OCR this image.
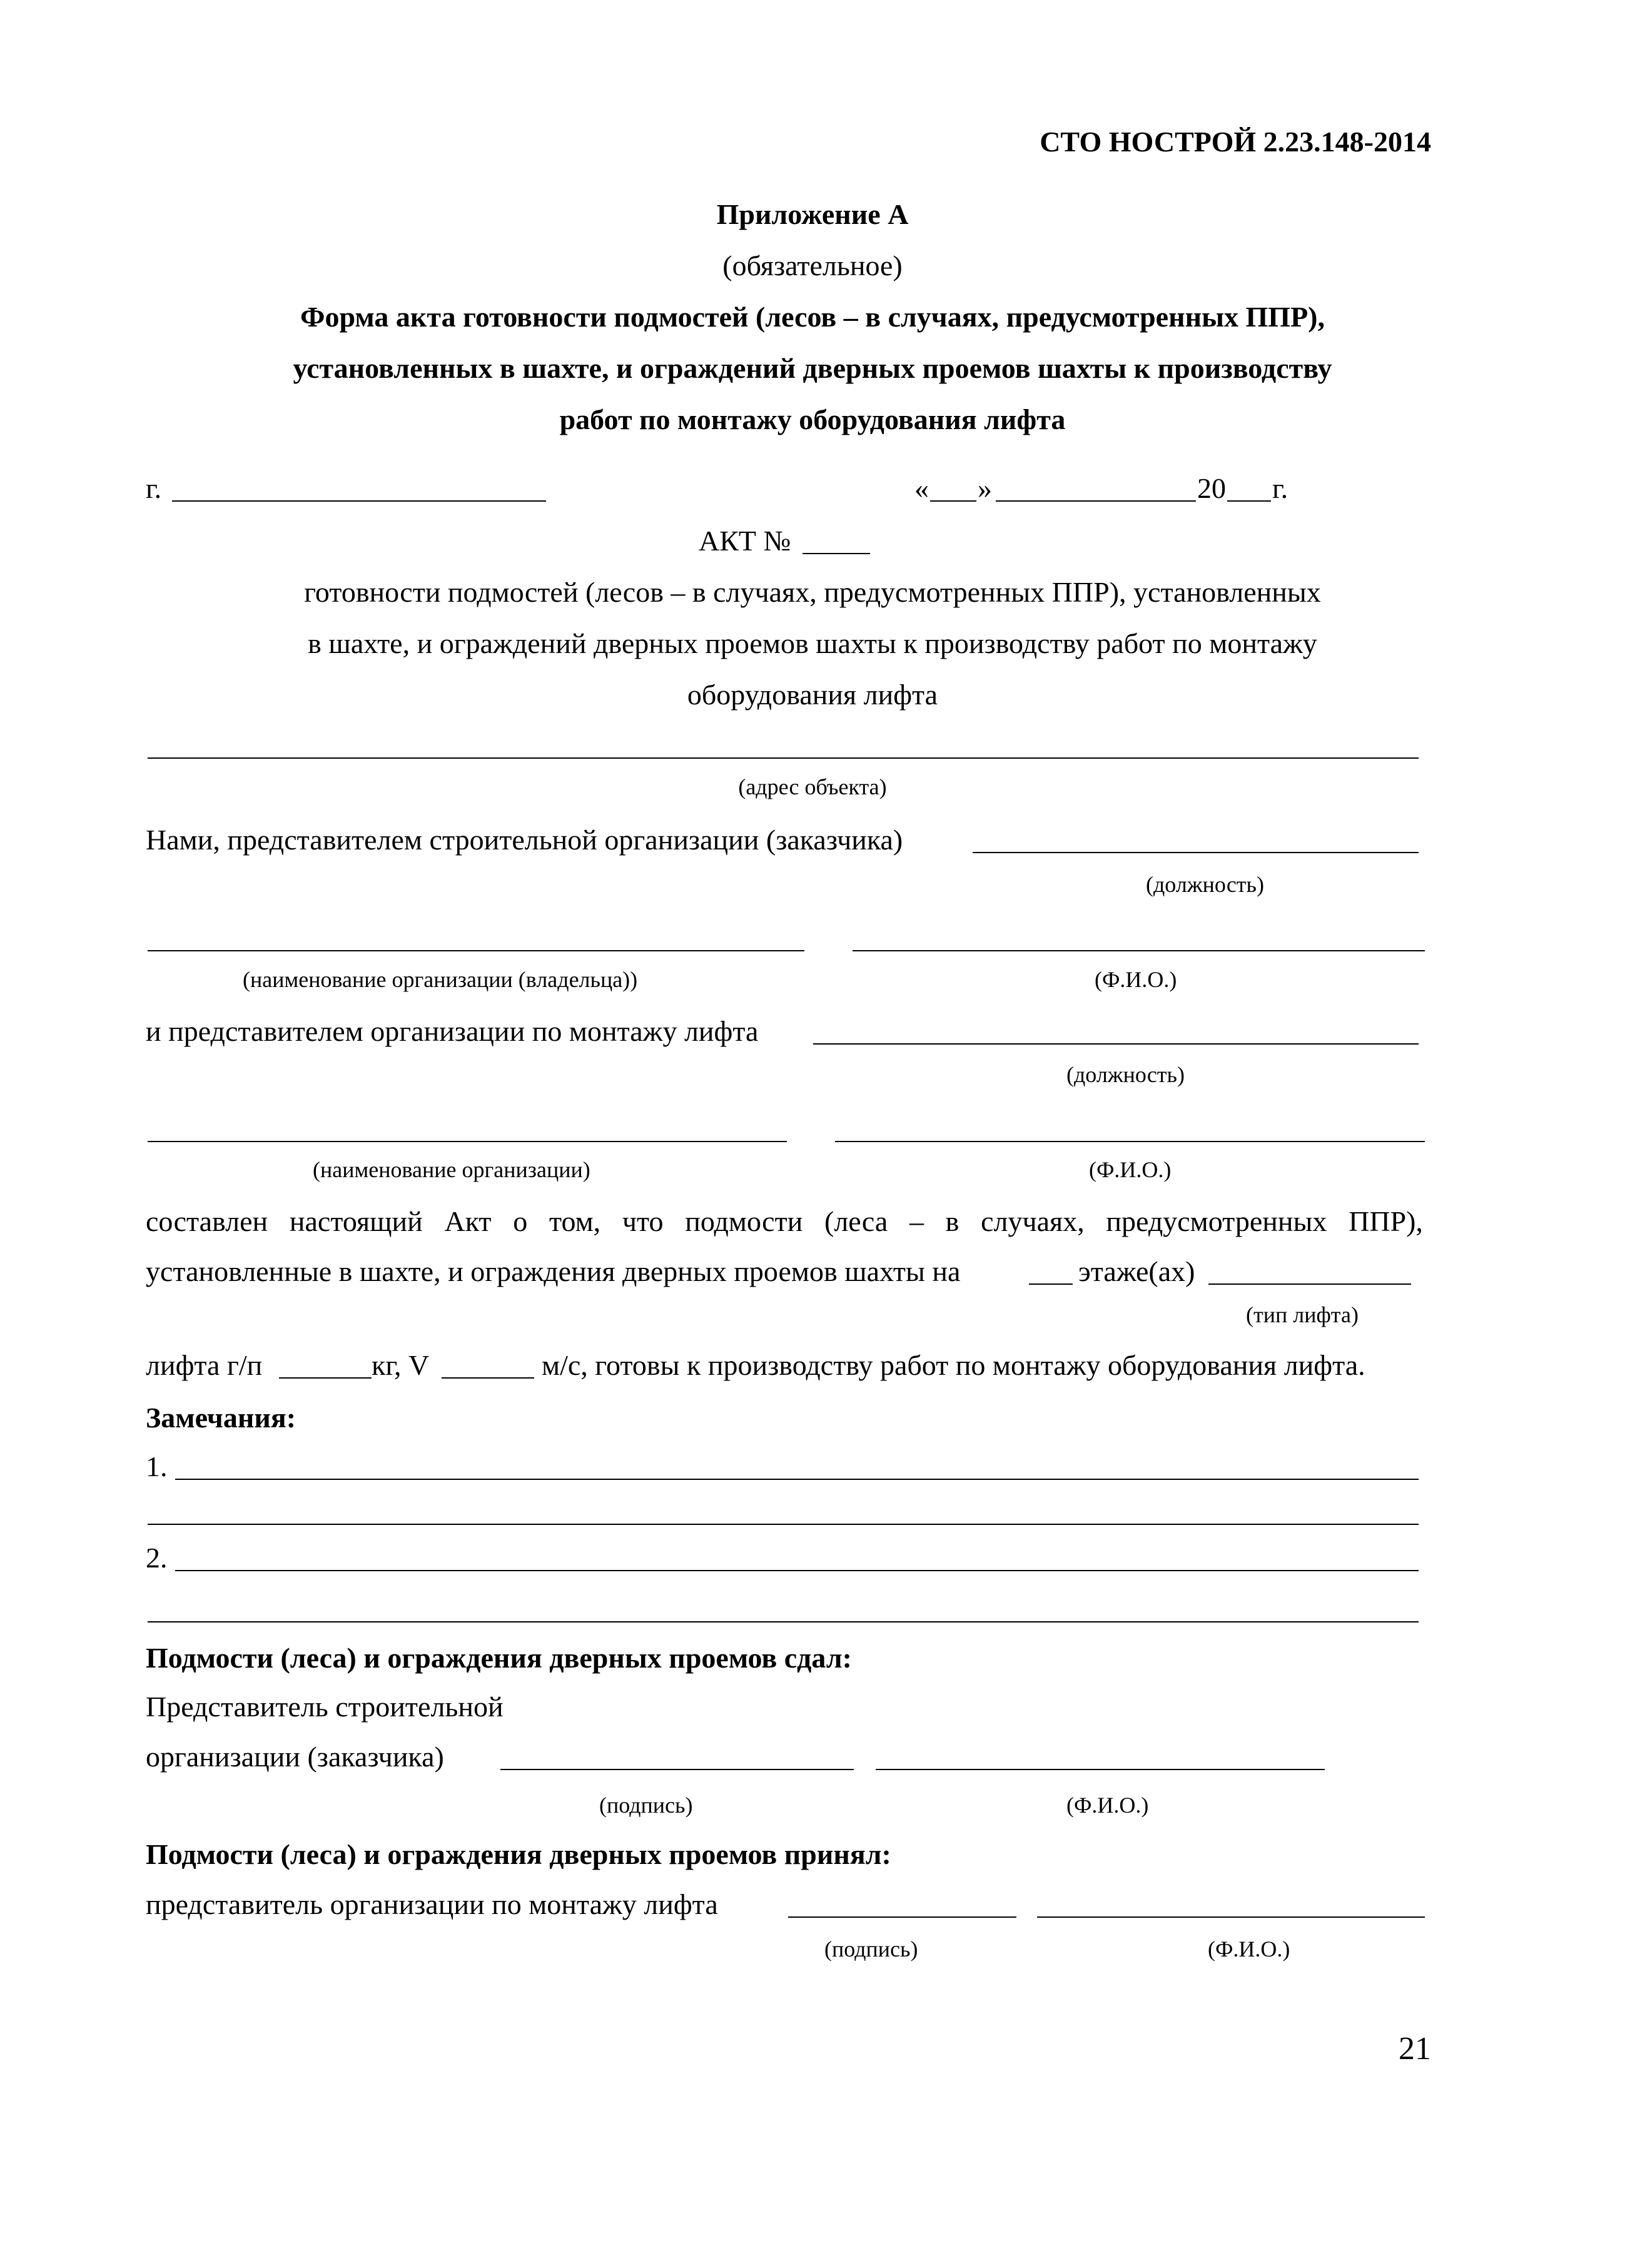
СТО НОСТРОЙ 2.23.148-2014
Приложение А
(обязательное)
Форма акта готовности подмостей (лесов – в случаях, предусмотренных ППР),
установленных в шахте, и ограждений дверных проемов шахты к производству
работ по монтажу оборудования лифта
г.	« »	20 г.
АКТ №
готовности подмостей (лесов – в случаях, предусмотренных ППР), установленных
в шахте, и ограждений дверных проемов шахты к производству работ по монтажу
оборудования лифта
(адрес объекта)
Нами, представителем строительной организации (заказчика)
(должность)
(наименование организации (владельца))	(Ф.И.О.)
и представителем организации по монтажу лифта
(должность)
(наименование организации)	(Ф.И.О.)
составлен настоящий Акт о том, что подмости (леса – в случаях, предусмотренных ППР),
установленные в шахте, и ограждения дверных проемов шахты на	этаже(ах)
(тип лифта)
лифта г/п	кг, V	м/с, готовы к производству работ по монтажу оборудования лифта.
Замечания:
1.
2.
Подмости (леса) и ограждения дверных проемов сдал:
Представитель строительной
организации (заказчика)
(подпись)	(Ф.И.О.)
Подмости (леса) и ограждения дверных проемов принял:
представитель организации по монтажу лифта
(подпись)	(Ф.И.О.)
21
